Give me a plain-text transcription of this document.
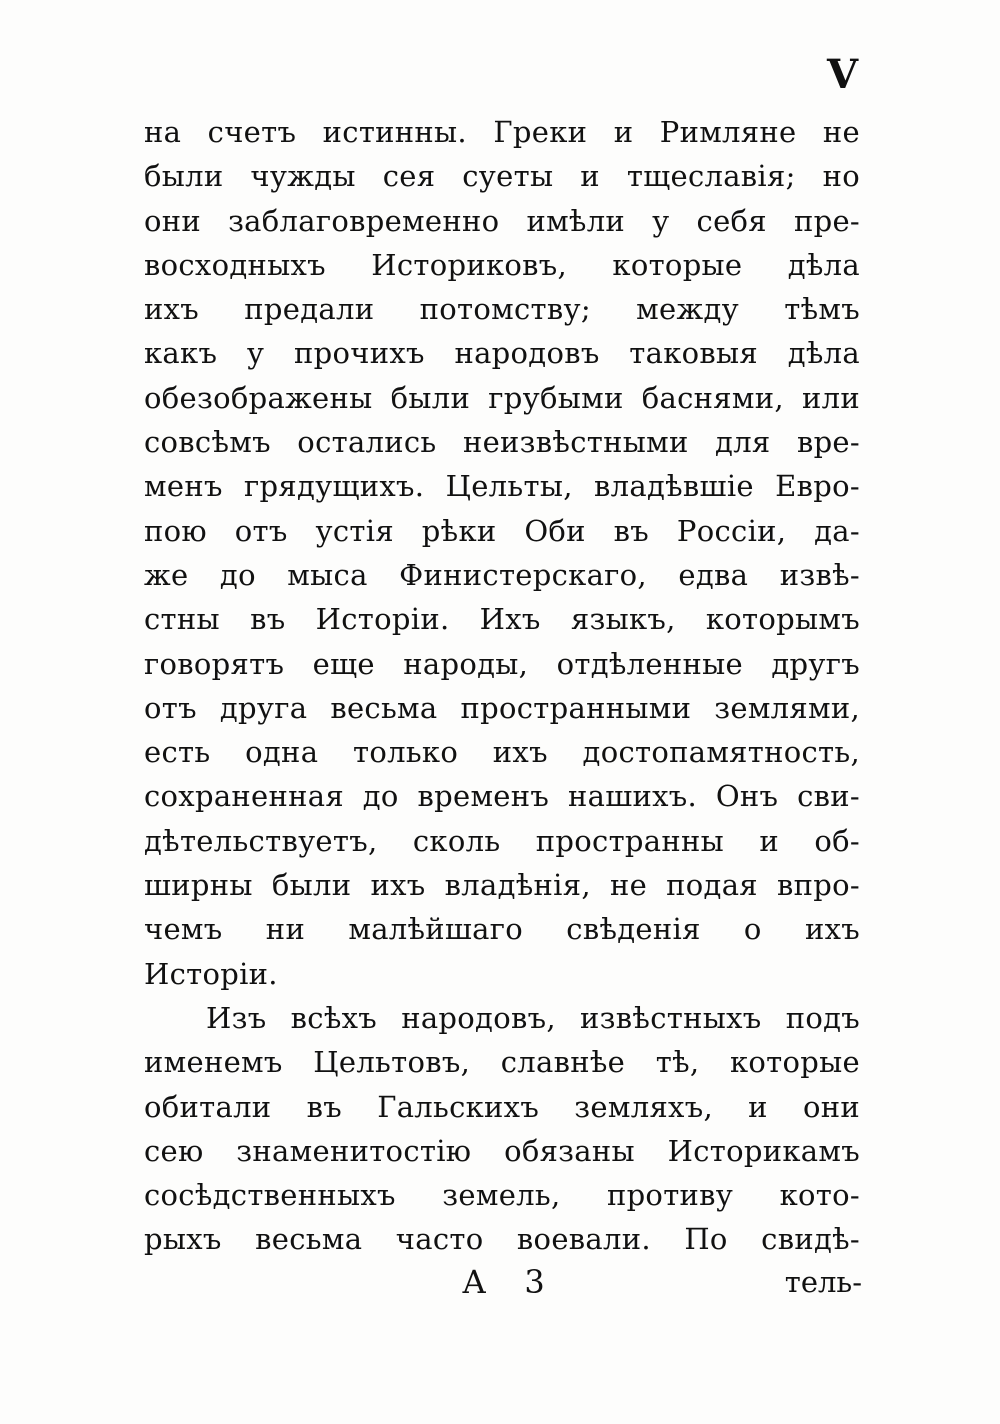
V
на счетъ истинны. Греки и Римляне не
были чужды сея суеты и тщеславія; но
они заблаговременно имѣли у себя пре-
восходныхъ Историковъ, которые дѣла
ихъ предали потомству; между тѣмъ
какъ у прочихъ народовъ таковыя дѣла
обезображены были грубыми баснями, или
совсѣмъ остались неизвѣстными для вре-
менъ грядущихъ. Цельты, владѣвшіе Евро-
пою отъ устія рѣки Оби въ Россіи, да-
же до мыса Финистерскаго, едва извѣ-
стны въ Исторіи. Ихъ языкъ, которымъ
говорятъ еще народы, отдѣленные другъ
отъ друга весьма пространными землями,
есть одна только ихъ достопамятность,
сохраненная до временъ нашихъ. Онъ сви-
дѣтельствуетъ, сколь пространны и об-
ширны были ихъ владѣнія, не подая впро-
чемъ ни малѣйшаго свѣденія о ихъ
Исторіи.
Изъ всѣхъ народовъ, извѣстныхъ подъ
именемъ Цельтовъ, славнѣе тѣ, которые
обитали въ Гальскихъ земляхъ, и они
сею знаменитостію обязаны Историкамъ
сосѣдственныхъ земель, противу кото-
рыхъ весьма часто воевали. По свидѣ-
А 3	тель-
